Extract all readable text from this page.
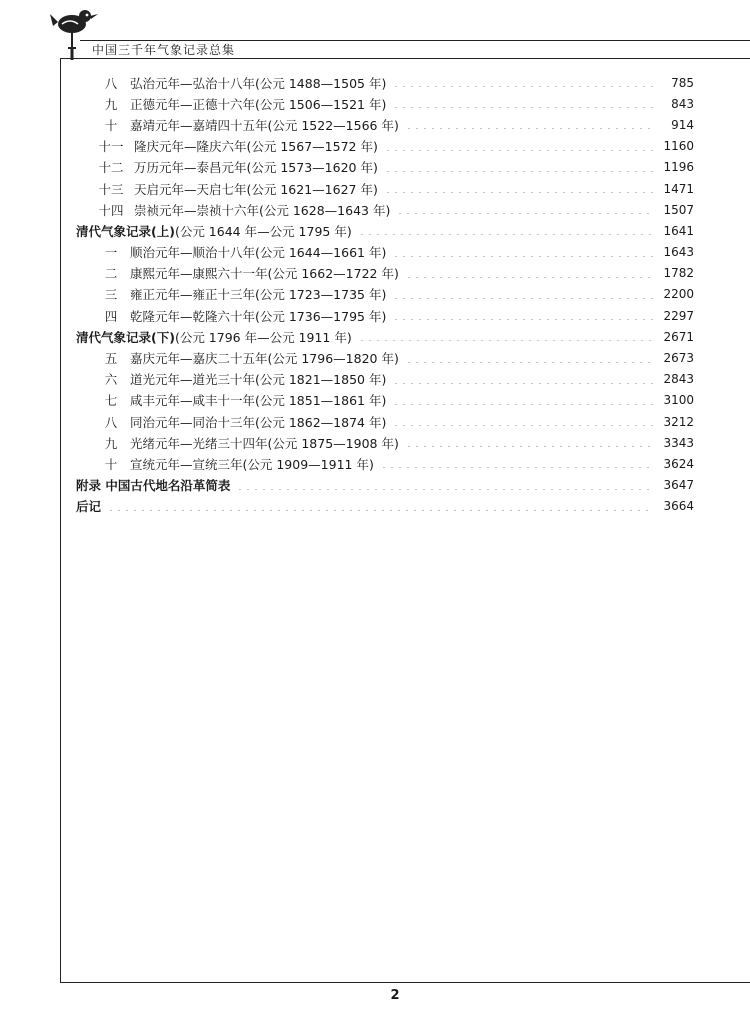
中国三千年气象记录总集
八	弘治元年—弘治十八年(公元 1488—1505 年)	785
九	正德元年—正德十六年(公元 1506—1521 年)	843
十	嘉靖元年—嘉靖四十五年(公元 1522—1566 年)	914
十一 隆庆元年—隆庆六年(公元 1567—1572 年)	1160
十二 万历元年—泰昌元年(公元 1573—1620 年)	1196
十三 天启元年—天启七年(公元 1621—1627 年)	1471
十四 崇祯元年—崇祯十六年(公元 1628—1643 年)	1507
清代气象记录(上)(公元 1644 年—公元 1795 年)	1641
一	顺治元年—顺治十八年(公元 1644—1661 年)	1643
二	康熙元年—康熙六十一年(公元 1662—1722 年)	1782
三	雍正元年—雍正十三年(公元 1723—1735 年)	2200
四	乾隆元年—乾隆六十年(公元 1736—1795 年)	2297
清代气象记录(下)(公元 1796 年—公元 1911 年)	2671
五	嘉庆元年—嘉庆二十五年(公元 1796—1820 年)	2673
六	道光元年—道光三十年(公元 1821—1850 年)	2843
七	咸丰元年—咸丰十一年(公元 1851—1861 年)	3100
八	同治元年—同治十三年(公元 1862—1874 年)	3212
九	光绪元年—光绪三十四年(公元 1875—1908 年)	3343
十	宣统元年—宣统三年(公元 1909—1911 年)	3624
附录 中国古代地名沿革简表	3647
后记	3664
2
